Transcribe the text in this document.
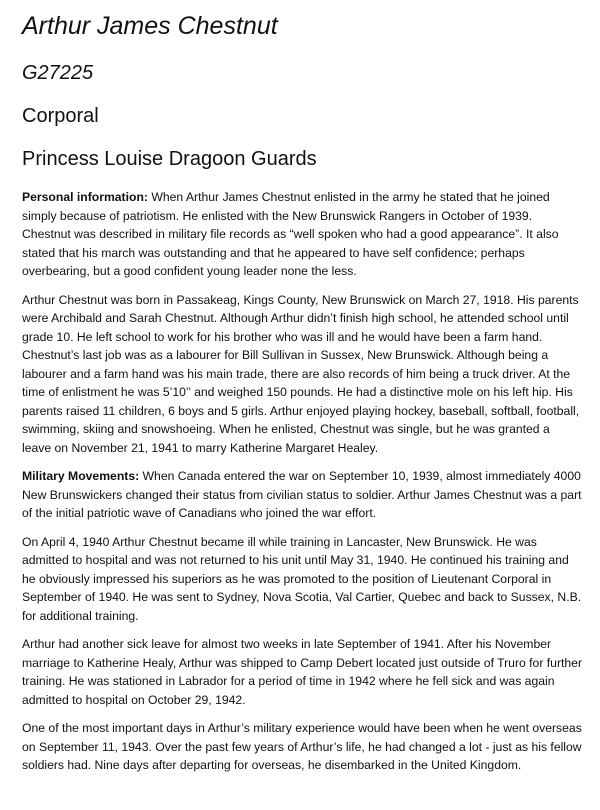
Arthur James Chestnut
G27225
Corporal
Princess Louise Dragoon Guards

Personal information: When Arthur James Chestnut enlisted in the army he stated that he joined simply because of patriotism. He enlisted with the New Brunswick Rangers in October of 1939. Chestnut was described in military file records as “well spoken who had a good appearance”. It also stated that his march was outstanding and that he appeared to have self confidence; perhaps overbearing, but a good confident young leader none the less.

Arthur Chestnut was born in Passakeag, Kings County, New Brunswick on March 27, 1918. His parents were Archibald and Sarah Chestnut. Although Arthur didn’t finish high school, he attended school until grade 10. He left school to work for his brother who was ill and he would have been a farm hand. Chestnut’s last job was as a labourer for Bill Sullivan in Sussex, New Brunswick. Although being a labourer and a farm hand was his main trade, there are also records of him being a truck driver. At the time of enlistment he was 5’10’’ and weighed 150 pounds. He had a distinctive mole on his left hip. His parents raised 11 children, 6 boys and 5 girls. Arthur enjoyed playing hockey, baseball, softball, football, swimming, skiing and snowshoeing. When he enlisted, Chestnut was single, but he was granted a leave on November 21, 1941 to marry Katherine Margaret Healey.

Military Movements: When Canada entered the war on September 10, 1939, almost immediately 4000 New Brunswickers changed their status from civilian status to soldier. Arthur James Chestnut was a part of the initial patriotic wave of Canadians who joined the war effort.

On April 4, 1940 Arthur Chestnut became ill while training in Lancaster, New Brunswick. He was admitted to hospital and was not returned to his unit until May 31, 1940. He continued his training and he obviously impressed his superiors as he was promoted to the position of Lieutenant Corporal in September of 1940. He was sent to Sydney, Nova Scotia, Val Cartier, Quebec and back to Sussex, N.B. for additional training.

Arthur had another sick leave for almost two weeks in late September of 1941. After his November marriage to Katherine Healy, Arthur was shipped to Camp Debert located just outside of Truro for further training. He was stationed in Labrador for a period of time in 1942 where he fell sick and was again admitted to hospital on October 29, 1942.

One of the most important days in Arthur’s military experience would have been when he went overseas on September 11, 1943. Over the past few years of Arthur’s life, he had changed a lot - just as his fellow soldiers had. Nine days after departing for overseas, he disembarked in the United Kingdom.
